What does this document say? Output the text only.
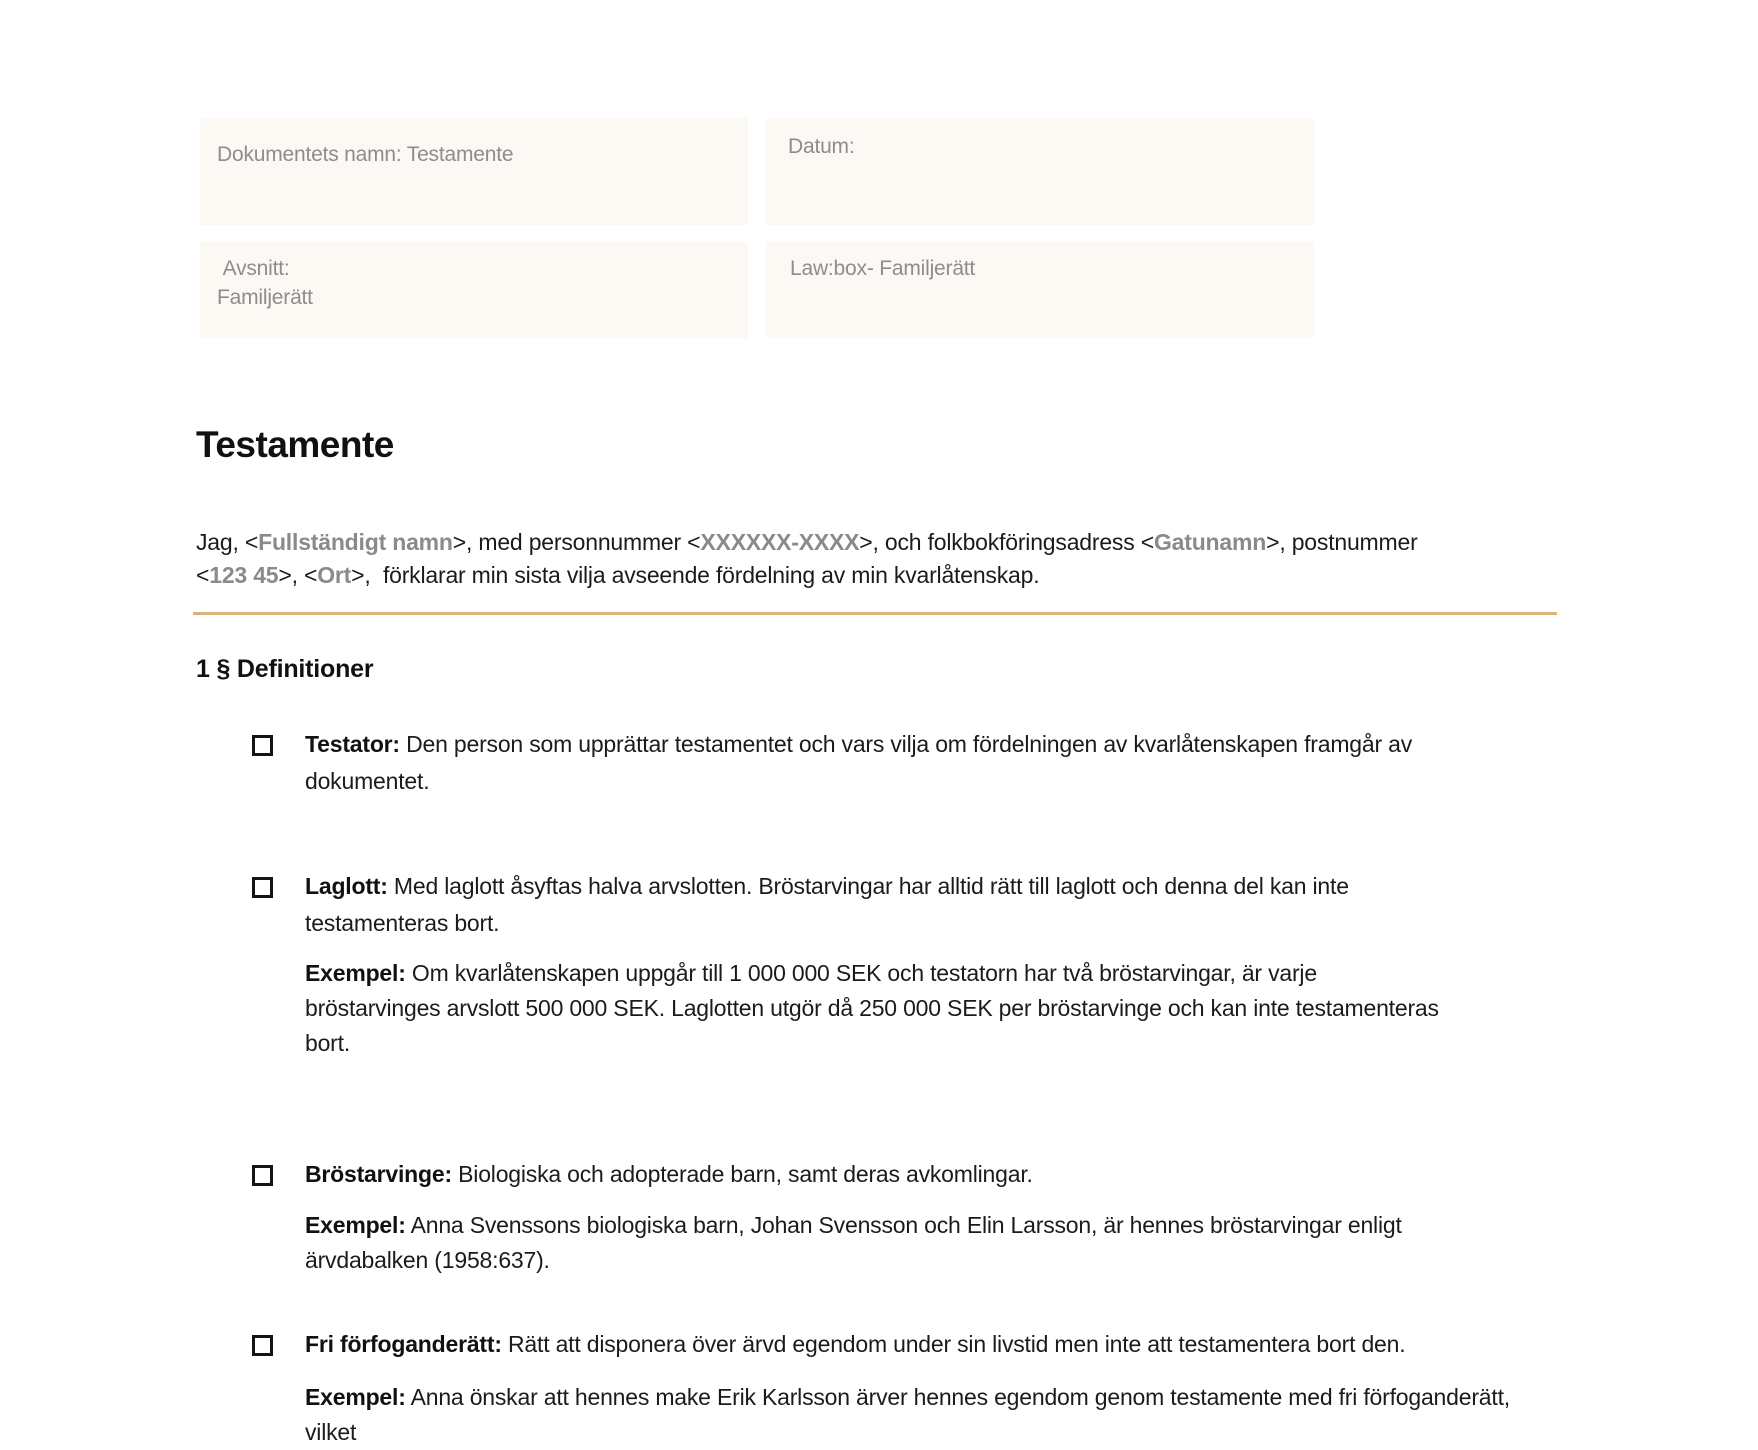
Dokumentets namn: Testamente	Datum:
Avsnitt:
Familjerätt
Law:box- Familjerätt
Testamente

Jag, <Fullständigt namn>, med personnummer <XXXXXX-XXXX>, och folkbokföringsadress <Gatunamn>, postnummer
<123 45>, <Ort>,  förklarar min sista vilja avseende fördelning av min kvarlåtenskap.

1 § Definitioner
Testator: Den person som upprättar testamentet och vars vilja om fördelningen av kvarlåtenskapen framgår av
dokumentet.
Laglott: Med laglott åsyftas halva arvslotten. Bröstarvingar har alltid rätt till laglott och denna del kan inte
testamenteras bort.
Exempel: Om kvarlåtenskapen uppgår till 1 000 000 SEK och testatorn har två bröstarvingar, är varje
bröstarvinges arvslott 500 000 SEK. Laglotten utgör då 250 000 SEK per bröstarvinge och kan inte testamenteras
bort.
Bröstarvinge: Biologiska och adopterade barn, samt deras avkomlingar.
Exempel: Anna Svenssons biologiska barn, Johan Svensson och Elin Larsson, är hennes bröstarvingar enligt
ärvdabalken (1958:637).
Fri förfoganderätt: Rätt att disponera över ärvd egendom under sin livstid men inte att testamentera bort den.
Exempel: Anna önskar att hennes make Erik Karlsson ärver hennes egendom genom testamente med fri förfoganderätt, vilket
